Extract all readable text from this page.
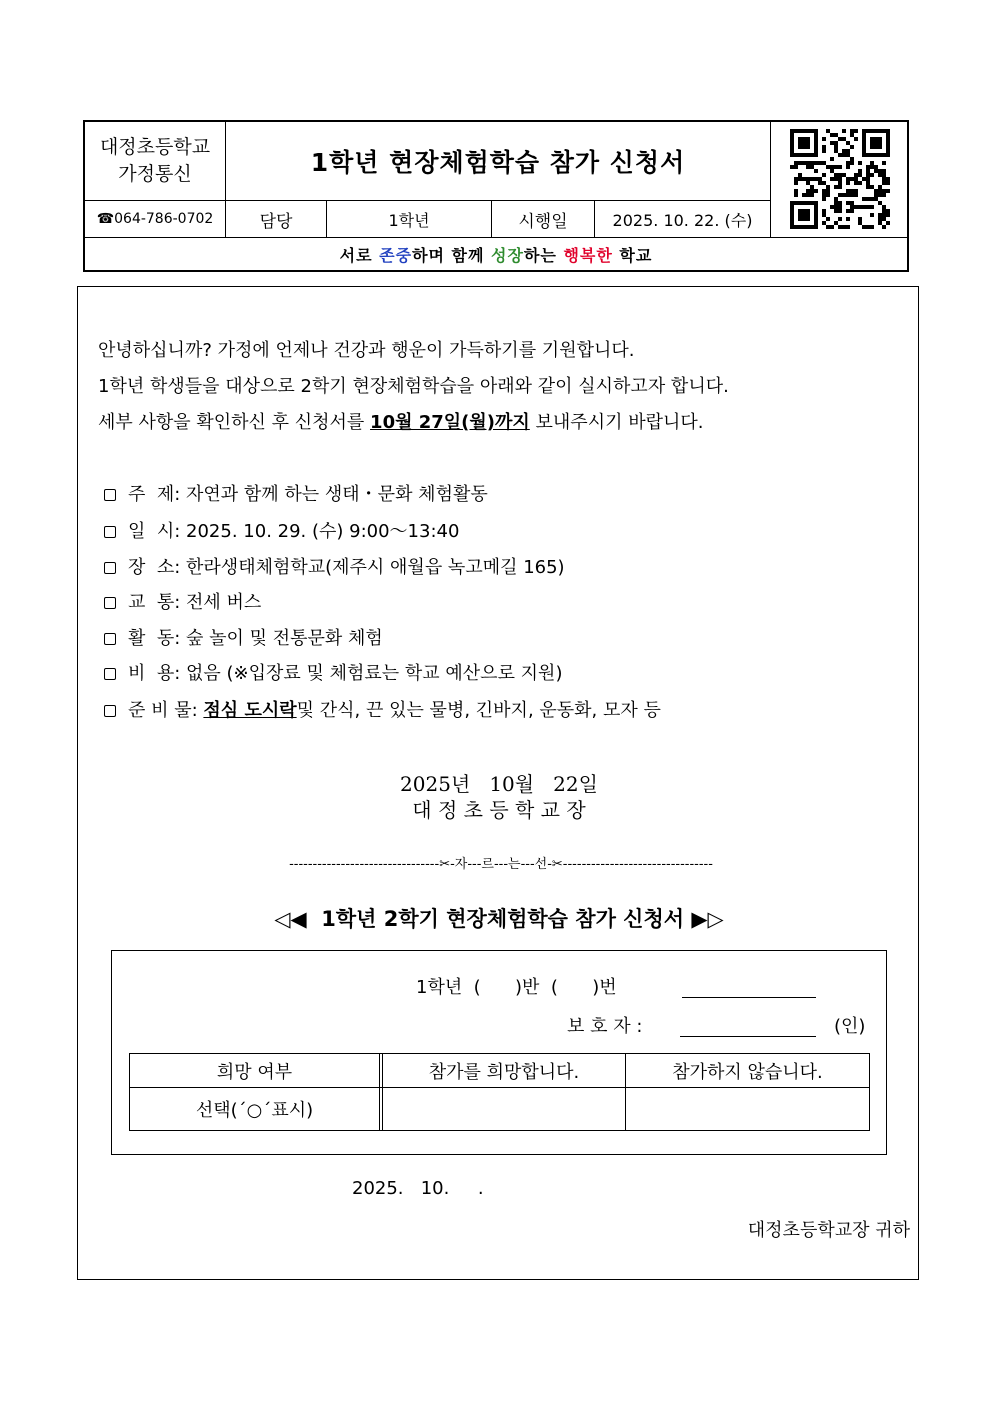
대정초등학교
가정통신	1학년 현장체험학습 참가 신청서
☎064-786-0702	담당	1학년	시행일	2025. 10. 22. (수)
서로 존중 하며 함께 성장 하는 행복한 학교
안녕하십니까? 가정에 언제나 건강과 행운이 가득하기를 기원합니다.
1학년 학생들을 대상으로 2학기 현장체험학습을 아래와 같이 실시하고자 합니다.
세부 사항을 확인하신 후 신청서를 10월 27일(월)까지 보내주시기 바랍니다.
주  제:
자연과 함께 하는 생태・문화 체험활동
일  시:
2025. 10. 29. (수) 9:00～13:40
장  소:
한라생태체험학교(제주시 애월읍 녹고메길 165)
교  통:
전세 버스
활  동:
숲 놀이 및 전통문화 체험
비  용:
없음 (※입장료 및 체험료는 학교 예산으로 지원)
준 비 물:
점심 도시락 및 간식, 끈 있는 물병, 긴바지, 운동화, 모자 등
2025년   10월   22일
대 정 초 등 학 교 장
--------------------------------✂-자---르---는---선-✂--------------------------------
◁◀  1학년 2학기 현장체험학습 참가 신청서 ▶▷
1학년  (      )반  (      )번
보 호 자 :	(인)
희망 여부	참가를 희망합니다.	참가하지 않습니다.
선택(´○´표시)
2025.   10.     .
대정초등학교장 귀하
